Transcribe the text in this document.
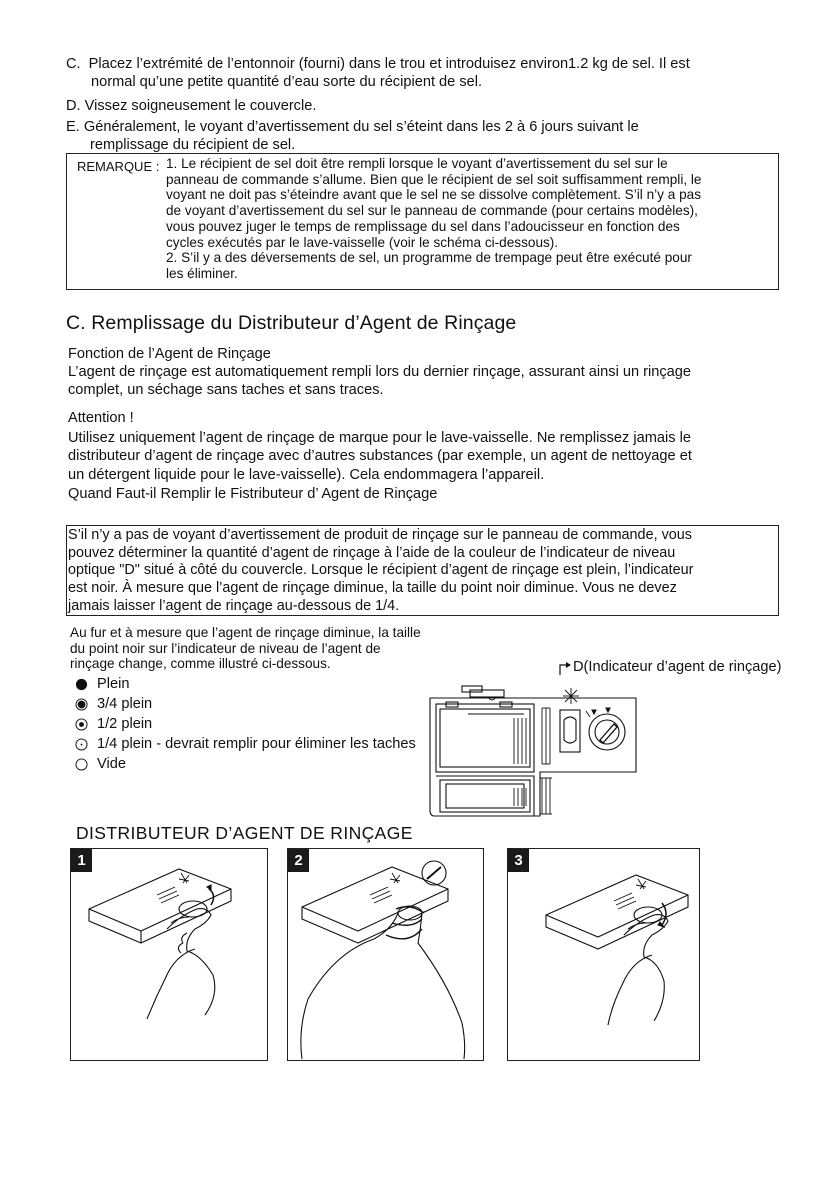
C. Placez l’extrémité de l’entonnoir (fourni) dans le trou et introduisez environ1.2 kg de sel. Il est
normal qu’une petite quantité d’eau sorte du récipient de sel.
D. Vissez soigneusement le couvercle.
E. Généralement, le voyant d’avertissement du sel s’éteint dans les 2 à 6 jours suivant le
remplissage du récipient de sel.
REMARQUE : 1. Le récipient de sel doit être rempli lorsque le voyant d’avertissement du sel sur le
panneau de commande s’allume. Bien que le récipient de sel soit suffisamment rempli, le
voyant ne doit pas s’éteindre avant que le sel ne se dissolve complètement. S’il n’y a pas
de voyant d’avertissement du sel sur le panneau de commande (pour certains modèles),
vous pouvez juger le temps de remplissage du sel dans l’adoucisseur en fonction des
cycles exécutés par le lave-vaisselle (voir le schéma ci-dessous).
2. S’il y a des déversements de sel, un programme de trempage peut être exécuté pour
les éliminer.
C. Remplissage du Distributeur d’Agent de Rinçage
Fonction de l’Agent de Rinçage
L’agent de rinçage est automatiquement rempli lors du dernier rinçage, assurant ainsi un rinçage
complet, un séchage sans taches et sans traces.
Attention !
Utilisez uniquement l’agent de rinçage de marque pour le lave-vaisselle. Ne remplissez jamais le
distributeur d’agent de rinçage avec d’autres substances (par exemple, un agent de nettoyage et
un détergent liquide pour le lave-vaisselle). Cela endommagera l’appareil.
Quand Faut-il Remplir le Fistributeur d’ Agent de Rinçage
S’il n’y a pas de voyant d’avertissement de produit de rinçage sur le panneau de commande, vous
pouvez déterminer la quantité d’agent de rinçage à l’aide de la couleur de l’indicateur de niveau
optique "D" situé à côté du couvercle. Lorsque le récipient d’agent de rinçage est plein, l’indicateur
est noir. À mesure que l’agent de rinçage diminue, la taille du point noir diminue. Vous ne devez
jamais laisser l’agent de rinçage au-dessous de 1/4.
Au fur et à mesure que l’agent de rinçage diminue, la taille
du point noir sur l’indicateur de niveau de l’agent de
rinçage change, comme illustré ci-dessous.
Plein
3/4 plein
1/2 plein
1/4 plein - devrait remplir pour éliminer les taches
Vide
D(Indicateur d’agent de rinçage)
DISTRIBUTEUR D’AGENT DE RINÇAGE
1	2	3
